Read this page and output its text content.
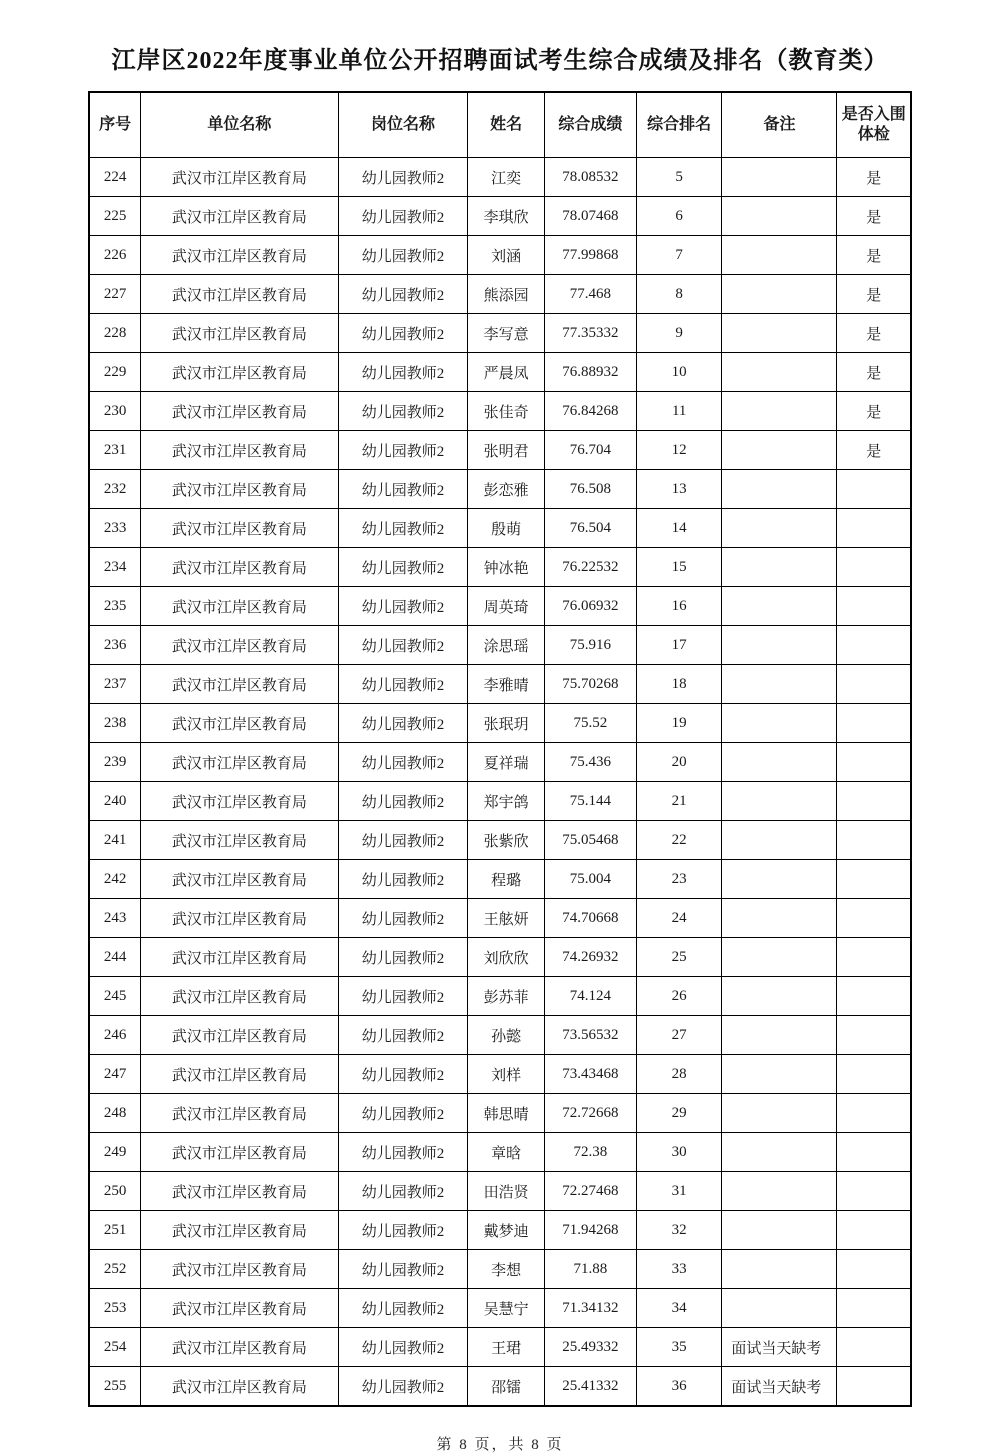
江岸区2022年度事业单位公开招聘面试考生综合成绩及排名（教育类）
序号	单位名称	岗位名称	姓名	综合成绩	综合排名	备注	是否入围体检
224	武汉市江岸区教育局	幼儿园教师2	江奕	78.08532	5		是
225	武汉市江岸区教育局	幼儿园教师2	李琪欣	78.07468	6		是
226	武汉市江岸区教育局	幼儿园教师2	刘涵	77.99868	7		是
227	武汉市江岸区教育局	幼儿园教师2	熊添园	77.468	8		是
228	武汉市江岸区教育局	幼儿园教师2	李写意	77.35332	9		是
229	武汉市江岸区教育局	幼儿园教师2	严晨凤	76.88932	10		是
230	武汉市江岸区教育局	幼儿园教师2	张佳奇	76.84268	11		是
231	武汉市江岸区教育局	幼儿园教师2	张明君	76.704	12		是
232	武汉市江岸区教育局	幼儿园教师2	彭恋雅	76.508	13		
233	武汉市江岸区教育局	幼儿园教师2	殷萌	76.504	14		
234	武汉市江岸区教育局	幼儿园教师2	钟冰艳	76.22532	15		
235	武汉市江岸区教育局	幼儿园教师2	周英琦	76.06932	16		
236	武汉市江岸区教育局	幼儿园教师2	涂思瑶	75.916	17		
237	武汉市江岸区教育局	幼儿园教师2	李雅晴	75.70268	18		
238	武汉市江岸区教育局	幼儿园教师2	张珉玥	75.52	19		
239	武汉市江岸区教育局	幼儿园教师2	夏祥瑞	75.436	20		
240	武汉市江岸区教育局	幼儿园教师2	郑宇鸽	75.144	21		
241	武汉市江岸区教育局	幼儿园教师2	张紫欣	75.05468	22		
242	武汉市江岸区教育局	幼儿园教师2	程璐	75.004	23		
243	武汉市江岸区教育局	幼儿园教师2	王舷妍	74.70668	24		
244	武汉市江岸区教育局	幼儿园教师2	刘欣欣	74.26932	25		
245	武汉市江岸区教育局	幼儿园教师2	彭苏菲	74.124	26		
246	武汉市江岸区教育局	幼儿园教师2	孙懿	73.56532	27		
247	武汉市江岸区教育局	幼儿园教师2	刘样	73.43468	28		
248	武汉市江岸区教育局	幼儿园教师2	韩思晴	72.72668	29		
249	武汉市江岸区教育局	幼儿园教师2	章晗	72.38	30		
250	武汉市江岸区教育局	幼儿园教师2	田浩贤	72.27468	31		
251	武汉市江岸区教育局	幼儿园教师2	戴梦迪	71.94268	32		
252	武汉市江岸区教育局	幼儿园教师2	李想	71.88	33		
253	武汉市江岸区教育局	幼儿园教师2	吴慧宁	71.34132	34		
254	武汉市江岸区教育局	幼儿园教师2	王珺	25.49332	35	面试当天缺考	
255	武汉市江岸区教育局	幼儿园教师2	邵镭	25.41332	36	面试当天缺考	
第 8 页，共 8 页
